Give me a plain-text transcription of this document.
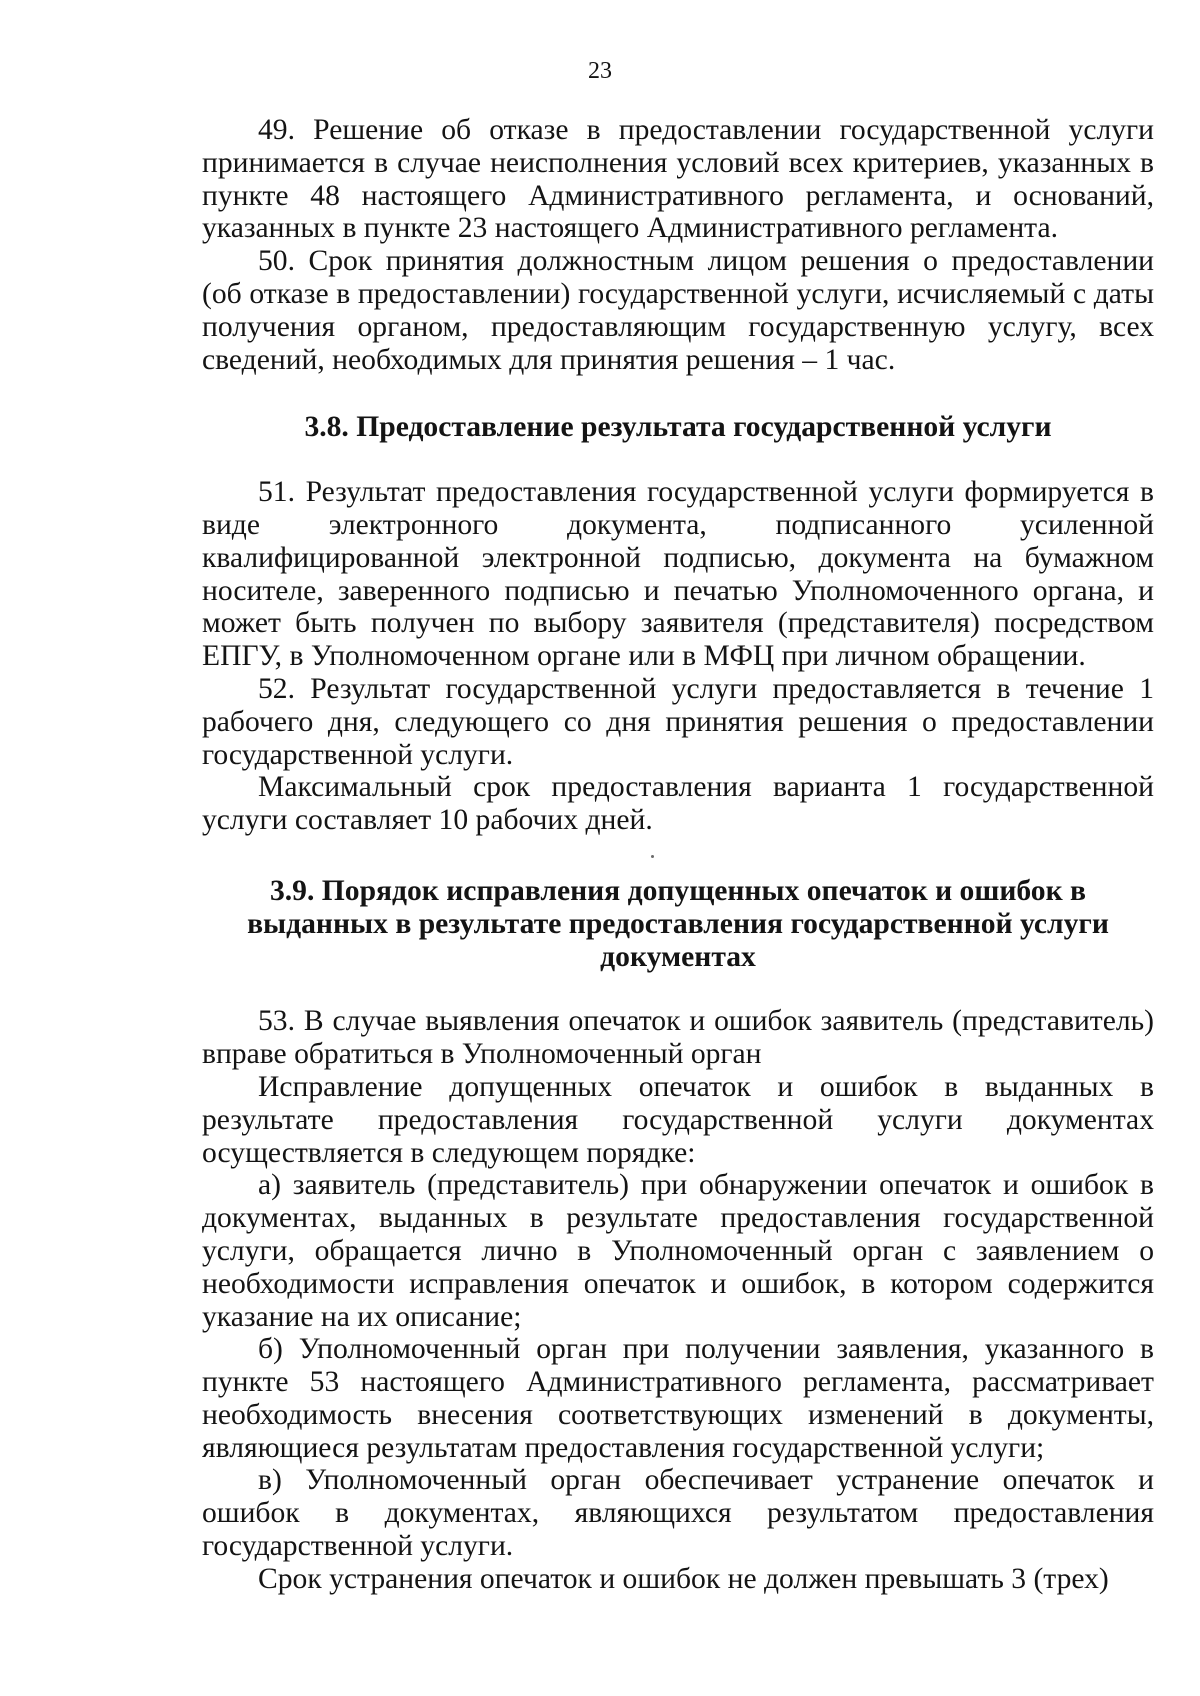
23

49. Решение об отказе в предоставлении государственной услуги принимается в случае неисполнения условий всех критериев, указанных в пункте 48 настоящего Административного регламента, и оснований, указанных в пункте 23 настоящего Административного регламента.

50. Срок принятия должностным лицом решения о предоставлении (об отказе в предоставлении) государственной услуги, исчисляемый с даты получения органом, предоставляющим государственную услугу, всех сведений, необходимых для принятия решения – 1 час.

3.8. Предоставление результата государственной услуги

51. Результат предоставления государственной услуги формируется в виде электронного документа, подписанного усиленной квалифицированной электронной подписью, документа на бумажном носителе, заверенного подписью и печатью Уполномоченного органа, и может быть получен по выбору заявителя (представителя) посредством ЕПГУ, в Уполномоченном органе или в МФЦ при личном обращении.

52. Результат государственной услуги предоставляется в течение 1 рабочего дня, следующего со дня принятия решения о предоставлении государственной услуги.

Максимальный срок предоставления варианта 1 государственной услуги составляет 10 рабочих дней.

3.9. Порядок исправления допущенных опечаток и ошибок в
выданных в результате предоставления государственной услуги
документах

53. В случае выявления опечаток и ошибок заявитель (представитель) вправе обратиться в Уполномоченный орган

Исправление допущенных опечаток и ошибок в выданных в результате предоставления государственной услуги документах осуществляется в следующем порядке:

а) заявитель (представитель) при обнаружении опечаток и ошибок в документах, выданных в результате предоставления государственной услуги, обращается лично в Уполномоченный орган с заявлением о необходимости исправления опечаток и ошибок, в котором содержится указание на их описание;

б) Уполномоченный орган при получении заявления, указанного в пункте 53 настоящего Административного регламента, рассматривает необходимость внесения соответствующих изменений в документы, являющиеся результатам предоставления государственной услуги;

в) Уполномоченный орган обеспечивает устранение опечаток и ошибок в документах, являющихся результатом предоставления государственной услуги.

Срок устранения опечаток и ошибок не должен превышать 3 (трех)
